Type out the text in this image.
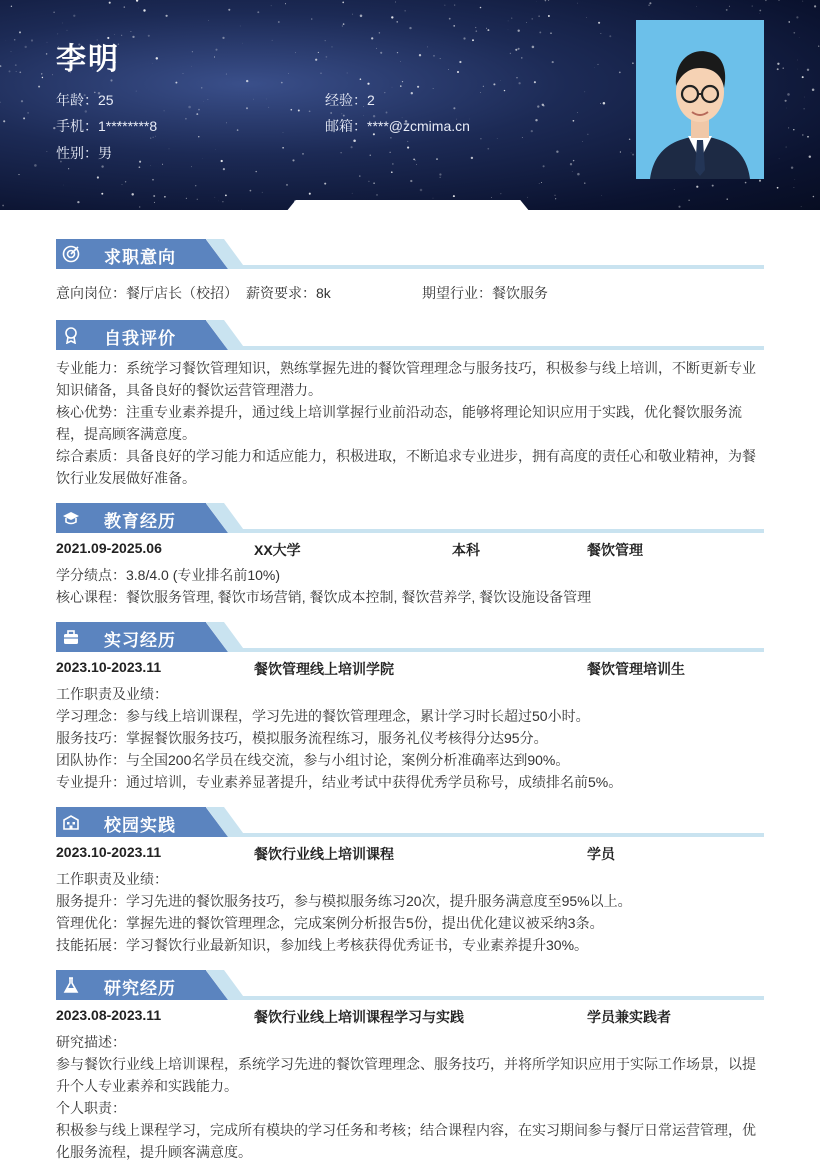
李明
年龄：25	经验：2
手机：1********8	邮箱：****@zcmima.cn
性别：男
求职意向
意向岗位：餐厅店长（校招） 薪资要求：8k	期望行业：餐饮服务
自我评价
专业能力：系统学习餐饮管理知识，熟练掌握先进的餐饮管理理念与服务技巧，积极参与线上培训，不断更新专业知识储备，具备良好的餐饮运营管理潜力。
核心优势：注重专业素养提升，通过线上培训掌握行业前沿动态，能够将理论知识应用于实践，优化餐饮服务流程，提高顾客满意度。
综合素质：具备良好的学习能力和适应能力，积极进取，不断追求专业进步，拥有高度的责任心和敬业精神，为餐饮行业发展做好准备。
教育经历
2021.09-2025.06	XX大学	本科	餐饮管理
学分绩点：3.8/4.0 (专业排名前10%)
核心课程：餐饮服务管理, 餐饮市场营销, 餐饮成本控制, 餐饮营养学, 餐饮设施设备管理
实习经历
2023.10-2023.11	餐饮管理线上培训学院	餐饮管理培训生
工作职责及业绩：
学习理念：参与线上培训课程，学习先进的餐饮管理理念，累计学习时长超过50小时。
服务技巧：掌握餐饮服务技巧，模拟服务流程练习，服务礼仪考核得分达95分。
团队协作：与全国200名学员在线交流，参与小组讨论，案例分析准确率达到90%。
专业提升：通过培训，专业素养显著提升，结业考试中获得优秀学员称号，成绩排名前5%。
校园实践
2023.10-2023.11	餐饮行业线上培训课程	学员
工作职责及业绩：
服务提升：学习先进的餐饮服务技巧，参与模拟服务练习20次，提升服务满意度至95%以上。
管理优化：掌握先进的餐饮管理理念，完成案例分析报告5份，提出优化建议被采纳3条。
技能拓展：学习餐饮行业最新知识，参加线上考核获得优秀证书，专业素养提升30%。
研究经历
2023.08-2023.11	餐饮行业线上培训课程学习与实践	学员兼实践者
研究描述：
参与餐饮行业线上培训课程，系统学习先进的餐饮管理理念、服务技巧，并将所学知识应用于实际工作场景，以提升个人专业素养和实践能力。
个人职责：
积极参与线上课程学习，完成所有模块的学习任务和考核；结合课程内容，在实习期间参与餐厅日常运营管理，优化服务流程，提升顾客满意度。
